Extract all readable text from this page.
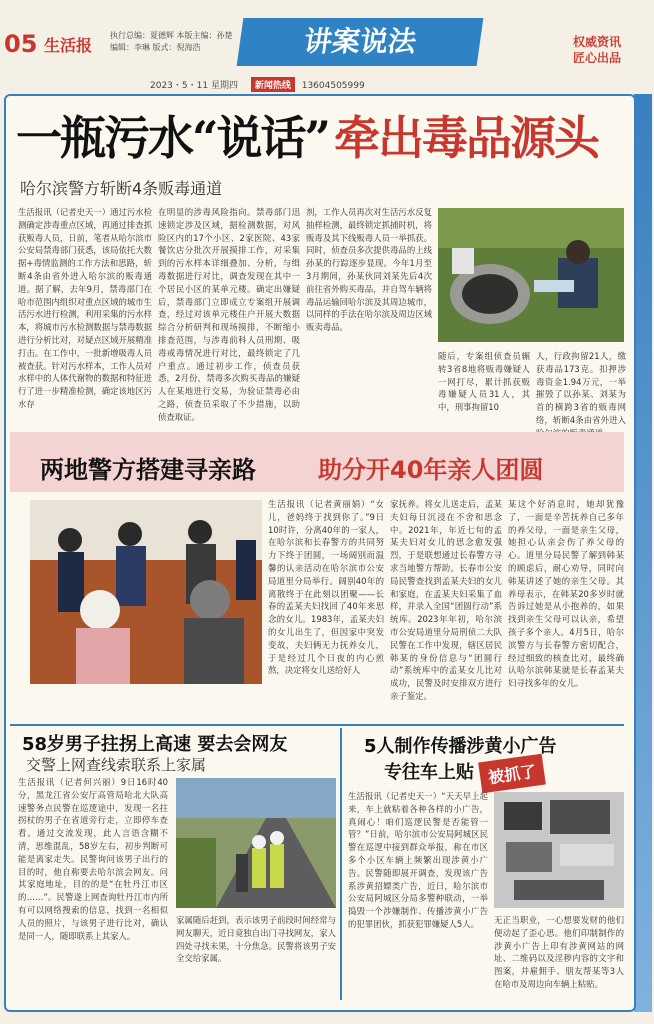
05 生活报
执行总编：夏德辉 本版主编：孙楚
编辑：李琳 版式：倪海浩	讲案说法	权威资讯
匠心出品
2023・5・11 星期四 新闻热线 13604505999
一瓶污水“说话” 牵出毒品源头
哈尔滨警方斩断4条贩毒通道
生活报讯（记者史天一）通过污水检测确定涉毒重点区域，再通过排查抓获贩毒人员，日前，笔者从哈尔滨市公安局禁毒部门获悉，该局依托大数据+毒情监测的工作方法和思路，斩断4条由省外进入哈尔滨的贩毒通道。据了解，去年9月，禁毒部门在哈市范围内组织对重点区域的城市生活污水进行检测，利用采集的污水样本，将城市污水检测数据与禁毒数据进行分析比对，对疑点区域开展精准打击。在工作中，一批新增吸毒人员被查获。针对污水样本，工作人员对水样中的人体代谢物的数据和特征进行了进一步精准检测，确定该地区污水存
在明显的涉毒风险指向。禁毒部门迅速锁定涉及区域，据检测数据，对风险区内的17个小区、2家医院、43家餐饮店分批次开展摸排工作，对采集到的污水样本详细叠加、分析，与缉毒数据进行对比，调查发现在其中一个居民小区的某单元楼。确定出嫌疑后，禁毒部门立即成立专案组开展调查，经过对该单元楼住户开展大数据综合分析研判和现场摸排，不断缩小排查范围，与涉毒前科人员刑期、吸毒戒毒情况进行对比，最终锁定了几户重点。通过初步工作，侦查员获悉，2月份，禁毒多次购买毒品的嫌疑人在某地进行交易，为验证禁毒必由之路，侦查员采取了不少措施，以助侦查取证。
剂，工作人员再次对生活污水反复抽样检测，最终锁定抓捕时机，将贩毒及其下线贩毒人员一举抓获。同时，侦查员多次提供毒品的上线孙某的行踪逐步显现。今年1月至3月期间，孙某伙同刘某先后4次前往省外购买毒品，并自驾车辆将毒品运输回哈尔滨及其周边城市，以同样的手法在哈尔滨及周边区域贩卖毒品。
随后，专案组侦查员辗转3省8地将贩毒嫌疑人一网打尽，累计抓获贩毒嫌疑人员31人，其中，刑事拘留10
人，行政拘留21人，缴获毒品173克。扣押涉毒资金1.94万元，一举摧毁了以孙某、刘某为首的横跨3省的贩毒网络，斩断4条由省外进入
两地警方搭建寻亲路	助分开40年亲人团圆
生活报讯（记者黄丽娟）“女儿，爸妈终于找到你了。”9日10时许，分离40年的一家人，在哈尔滨和长春警方的共同努力下终于团圆，一场阔别而温馨的认亲活动在哈尔滨市公安局道里分局举行。阔别40年的离散终于在此刻以团聚——长春的孟某夫妇找回了40年来思念的女儿。1983年，孟某夫妇的女儿出生了，但因家中突发变故，夫妇俩无力抚养女儿，于是经过几个日夜的内心煎熬，决定将女儿送给好人
家抚养。将女儿送走后，孟某夫妇每日沉浸在不舍和思念中。2021年，年近七旬的孟某夫妇对女儿的思念愈发强烈，于是联想通过长春警方寻求当地警方帮助。长春市公安局民警查找到孟某夫妇的女儿和家庭，在孟某夫妇采集了血样，并录入全国“团圆行动”系统库。2023年年初，哈尔滨市公安局道里分局刑侦二大队民警在工作中发现，辖区居民韩某的身份信息与“团圆行动”系统库中的孟某女儿比对成功，民警及时安排双方进行亲子鉴定。
某这个好消息时，她却犹豫了，一面是辛苦抚养自己多年的养父母，一面是亲生父母，她担心认亲会伤了养父母的心。道里分局民警了解到韩某的顾虑后，耐心劝导，同时向韩某讲述了她的亲生父母。其养母表示，在韩某20多岁时就告诉过她是从小抱养的，如果找到亲生父母可以认亲，希望孩子多个亲人。4月5日，哈尔滨警方与长春警方密切配合，经过细致的核查比对，最终确认哈尔滨韩某就是长春孟某夫妇寻找多年的女儿。
58岁男子拄拐上高速 要去会网友
交警上网查线索联系上家属
生活报讯（记者何兴丽）9日16时40分，黑龙江省公安厅高管局哈北大队高速警务点民警在巡逻途中，发现一名拄拐杖的男子在省道旁行走，立即停车查看。通过交流发现，此人言语含糊不清，思维混乱，58岁左右，初步判断可能是离家走失。民警询问该男子出行的目的时，他自称要去哈尔滨会网友。问其家庭地址，目的的是“在牡丹江市区的……”。民警遂上网查询牡丹江市内所有可以网络搜索的信息，找到一名相似人员的照片，与该男子进行比对，确认是同一人，随即联系上其家人。
家属随后赶到，表示该男子前段时间经常与网友聊天，近日竟独自出门寻找网友，家人四处寻找未果，十分焦急。民警将该男子安全交给家属。
5人制作传播涉黄小广告
专往车上贴 被抓了
生活报讯（记者史天一）“天天早上起来，车上就粘着各种各样的小广告，真闹心！咱们巡逻民警是否能管一管？”日前，哈尔滨市公安局阿城区民警在巡逻中接到群众举报，称在市区多个小区车辆上频繁出现涉黄小广告。民警随即展开调查，发现该广告系涉黄招嫖类广告，近日，哈尔滨市公安局阿城区分局多警种联动，一举捣毁一个涉嫌制作、传播涉黄小广告的犯罪团伙，抓获犯罪嫌疑人5人。	无正当职业，一心想要发财的他们便动起了歪心思。他们印制制作的涉黄小广告上印有涉黄网站的网址、二维码以及淫秽内容的文字和图案，并雇佣手、朋友帮某等3人在哈市及周边向车辆上粘贴。
